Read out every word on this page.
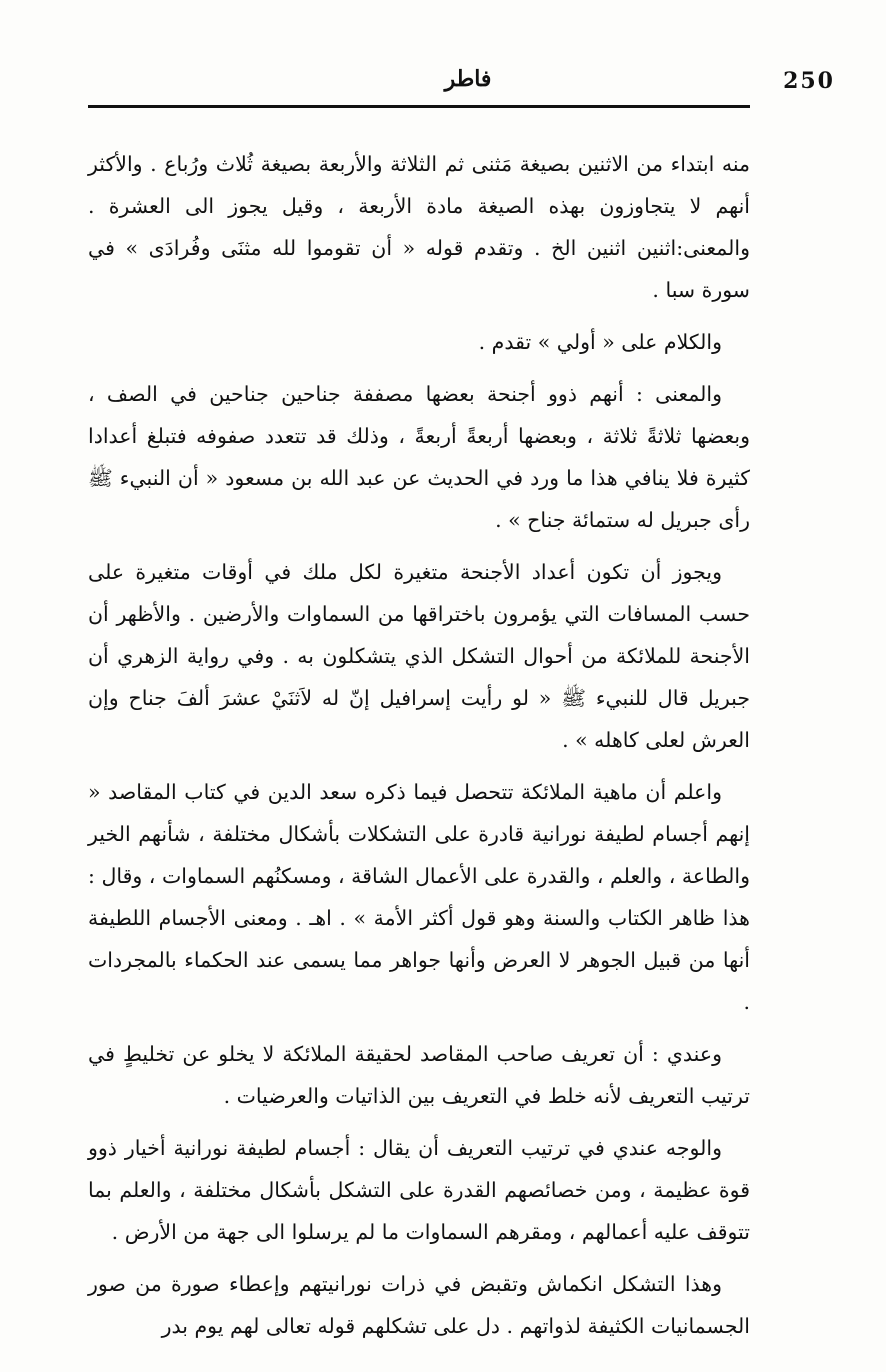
250
فاطر

منه ابتداء من الاثنين بصيغة مَثنى ثم الثلاثة والأربعة بصيغة ثُلاث ورُباع . والأكثر أنهم لا يتجاوزون بهذه الصيغة مادة الأربعة ، وقيل يجوز الى العشرة . والمعنى:اثنين اثنين الخ . وتقدم قوله « أن تقوموا لله مثنَى وفُرادَى » في سورة سبا .

والكلام على « أولي » تقدم .

والمعنى : أنهم ذوو أجنحة بعضها مصففة جناحين جناحين في الصف ، وبعضها ثلاثةً ثلاثة ، وبعضها أربعةً أربعةً ، وذلك قد تتعدد صفوفه فتبلغ أعدادا كثيرة فلا ينافي هذا ما ورد في الحديث عن عبد الله بن مسعود « أن النبيء ﷺ رأى جبريل له ستمائة جناح » .

ويجوز أن تكون أعداد الأجنحة متغيرة لكل ملك في أوقات متغيرة على حسب المسافات التي يؤمرون باختراقها من السماوات والأرضين . والأظهر أن الأجنحة للملائكة من أحوال التشكل الذي يتشكلون به . وفي رواية الزهري أن جبريل قال للنبيء ﷺ « لو رأيت إسرافيل إنّ له لاَثنَيْ عشرَ ألفَ جناح وإن العرش لعلى كاهله » .

واعلم أن ماهية الملائكة تتحصل فيما ذكره سعد الدين في كتاب المقاصد « إنهم أجسام لطيفة نورانية قادرة على التشكلات بأشكال مختلفة ، شأنهم الخير والطاعة ، والعلم ، والقدرة على الأعمال الشاقة ، ومسكنُهم السماوات ، وقال : هذا ظاهر الكتاب والسنة وهو قول أكثر الأمة » . اهـ . ومعنى الأجسام اللطيفة أنها من قبيل الجوهر لا العرض وأنها جواهر مما يسمى عند الحكماء بالمجردات .

وعندي : أن تعريف صاحب المقاصد لحقيقة الملائكة لا يخلو عن تخليطٍ في ترتيب التعريف لأنه خلط في التعريف بين الذاتيات والعرضيات .

والوجه عندي في ترتيب التعريف أن يقال : أجسام لطيفة نورانية أخيار ذوو قوة عظيمة ، ومن خصائصهم القدرة على التشكل بأشكال مختلفة ، والعلم بما تتوقف عليه أعمالهم ، ومقرهم السماوات ما لم يرسلوا الى جهة من الأرض .

وهذا التشكل انكماش وتقبض في ذرات نورانيتهم وإعطاء صورة من صور الجسمانيات الكثيفة لذواتهم . دل على تشكلهم قوله تعالى لهم يوم بدر
